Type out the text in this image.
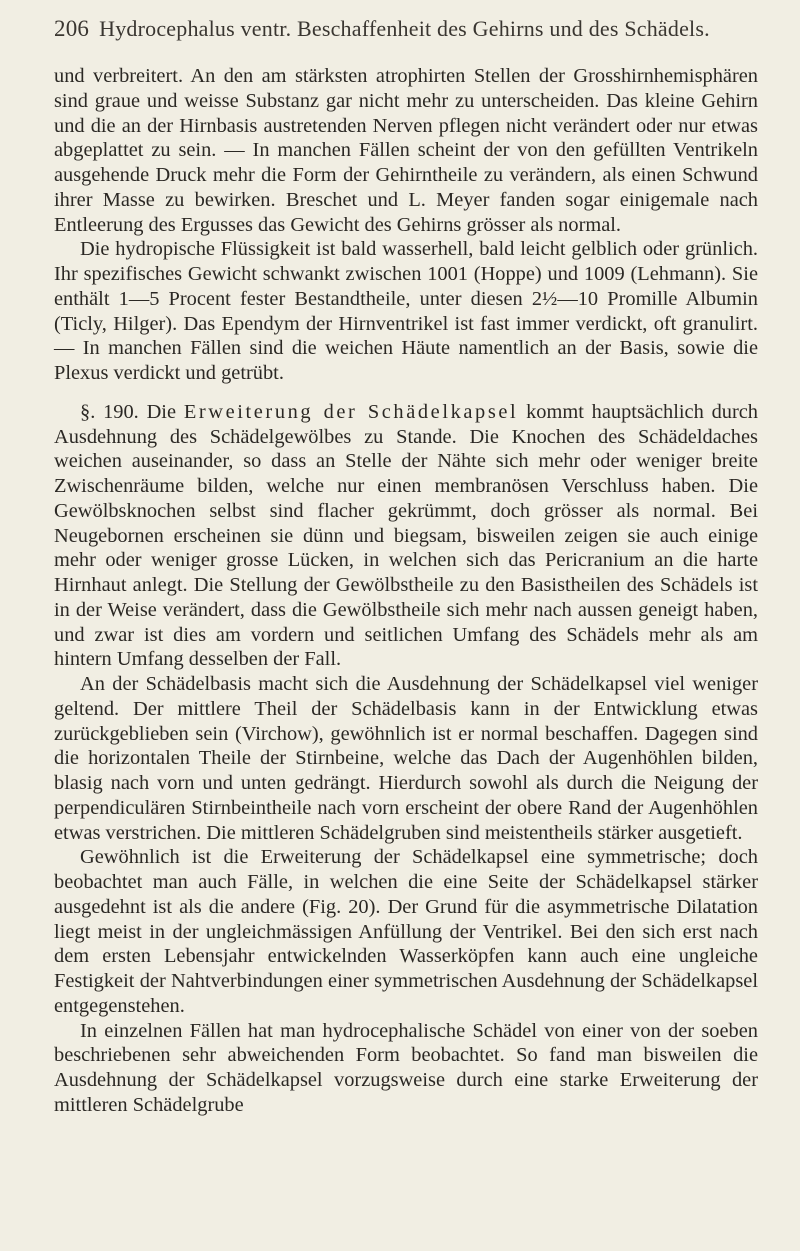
206 Hydrocephalus ventr. Beschaffenheit des Gehirns und des Schädels.

und verbreitert. An den am stärksten atrophirten Stellen der Grosshirnhemisphären sind graue und weisse Substanz gar nicht mehr zu unterscheiden. Das kleine Gehirn und die an der Hirnbasis austretenden Nerven pflegen nicht verändert oder nur etwas abgeplattet zu sein. — In manchen Fällen scheint der von den gefüllten Ventrikeln ausgehende Druck mehr die Form der Gehirntheile zu verändern, als einen Schwund ihrer Masse zu bewirken. Breschet und L. Meyer fanden sogar einigemale nach Entleerung des Ergusses das Gewicht des Gehirns grösser als normal.

Die hydropische Flüssigkeit ist bald wasserhell, bald leicht gelblich oder grünlich. Ihr spezifisches Gewicht schwankt zwischen 1001 (Hoppe) und 1009 (Lehmann). Sie enthält 1—5 Procent fester Bestandtheile, unter diesen 2½—10 Promille Albumin (Ticly, Hilger). Das Ependym der Hirnventrikel ist fast immer verdickt, oft granulirt. — In manchen Fällen sind die weichen Häute namentlich an der Basis, sowie die Plexus verdickt und getrübt.

§. 190. Die Erweiterung der Schädelkapsel kommt hauptsächlich durch Ausdehnung des Schädelgewölbes zu Stande. Die Knochen des Schädeldaches weichen auseinander, so dass an Stelle der Nähte sich mehr oder weniger breite Zwischenräume bilden, welche nur einen membranösen Verschluss haben. Die Gewölbsknochen selbst sind flacher gekrümmt, doch grösser als normal. Bei Neugebornen erscheinen sie dünn und biegsam, bisweilen zeigen sie auch einige mehr oder weniger grosse Lücken, in welchen sich das Pericranium an die harte Hirnhaut anlegt. Die Stellung der Gewölbstheile zu den Basistheilen des Schädels ist in der Weise verändert, dass die Gewölbstheile sich mehr nach aussen geneigt haben, und zwar ist dies am vordern und seitlichen Umfang des Schädels mehr als am hintern Umfang desselben der Fall.

An der Schädelbasis macht sich die Ausdehnung der Schädelkapsel viel weniger geltend. Der mittlere Theil der Schädelbasis kann in der Entwicklung etwas zurückgeblieben sein (Virchow), gewöhnlich ist er normal beschaffen. Dagegen sind die horizontalen Theile der Stirnbeine, welche das Dach der Augenhöhlen bilden, blasig nach vorn und unten gedrängt. Hierdurch sowohl als durch die Neigung der perpendiculären Stirnbeintheile nach vorn erscheint der obere Rand der Augenhöhlen etwas verstrichen. Die mittleren Schädelgruben sind meistentheils stärker ausgetieft.

Gewöhnlich ist die Erweiterung der Schädelkapsel eine symmetrische; doch beobachtet man auch Fälle, in welchen die eine Seite der Schädelkapsel stärker ausgedehnt ist als die andere (Fig. 20). Der Grund für die asymmetrische Dilatation liegt meist in der ungleichmässigen Anfüllung der Ventrikel. Bei den sich erst nach dem ersten Lebensjahr entwickelnden Wasserköpfen kann auch eine ungleiche Festigkeit der Nahtverbindungen einer symmetrischen Ausdehnung der Schädelkapsel entgegenstehen.

In einzelnen Fällen hat man hydrocephalische Schädel von einer von der soeben beschriebenen sehr abweichenden Form beobachtet. So fand man bisweilen die Ausdehnung der Schädelkapsel vorzugsweise durch eine starke Erweiterung der mittleren Schädelgrube
